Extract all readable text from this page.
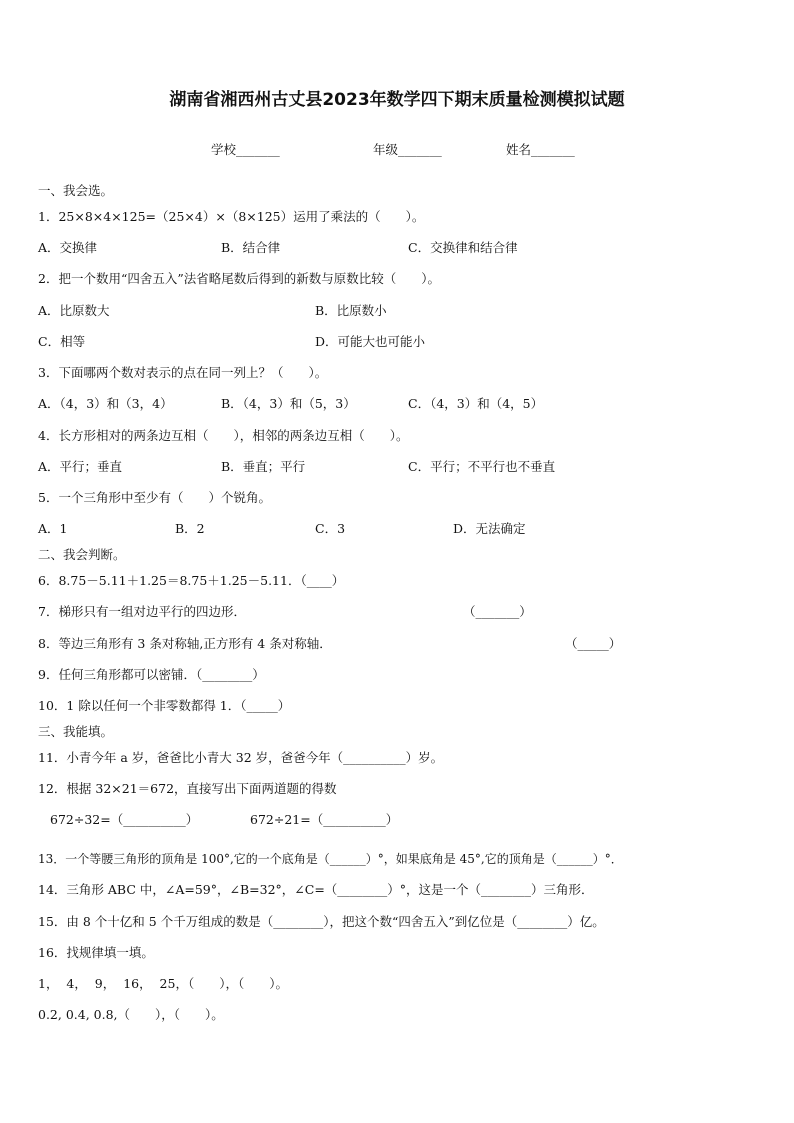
湖南省湘西州古丈县2023年数学四下期末质量检测模拟试题
学校_______	年级_______	姓名_______
一、我会选。
1．25×8×4×125=（25×4）×（8×125）运用了乘法的（　　）。
A．交换律	B．结合律	C．交换律和结合律
2．把一个数用“四舍五入”法省略尾数后得到的新数与原数比较（　　）。
A．比原数大	B．比原数小
C．相等	D．可能大也可能小
3．下面哪两个数对表示的点在同一列上？（　　）。
A．（4，3）和（3，4）	B．（4，3）和（5，3）	C．（4，3）和（4，5）
4．长方形相对的两条边互相（　　），相邻的两条边互相（　　）。
A．平行；垂直	B．垂直；平行	C．平行；不平行也不垂直
5．一个三角形中至少有（　　）个锐角。
A．1	B．2	C．3	D．无法确定
二、我会判断。
6．8.75－5.11＋1.25＝8.75＋1.25－5.11．（____）
7．梯形只有一组对边平行的四边形．	（_______）
8．等边三角形有 3 条对称轴,正方形有 4 条对称轴．	（_____）
9．任何三角形都可以密铺．（________）
10．1 除以任何一个非零数都得 1．（_____）
三、我能填。
11．小青今年 a 岁，爸爸比小青大 32 岁，爸爸今年（__________）岁。
12．根据 32×21＝672，直接写出下面两道题的得数
672÷32=（__________）	672÷21=（__________）
13．一个等腰三角形的顶角是 100°,它的一个底角是（______）°，如果底角是 45°,它的顶角是（______）°．
14．三角形 ABC 中，∠A=59°，∠B=32°，∠C=（________）°，这是一个（________）三角形．
15．由 8 个十亿和 5 个千万组成的数是（________），把这个数“四舍五入”到亿位是（________）亿。
16．找规律填一填。
1，  4，  9，  16，  25，（　　），（　　）。
0.2, 0.4, 0.8,（　　），（　　）。
